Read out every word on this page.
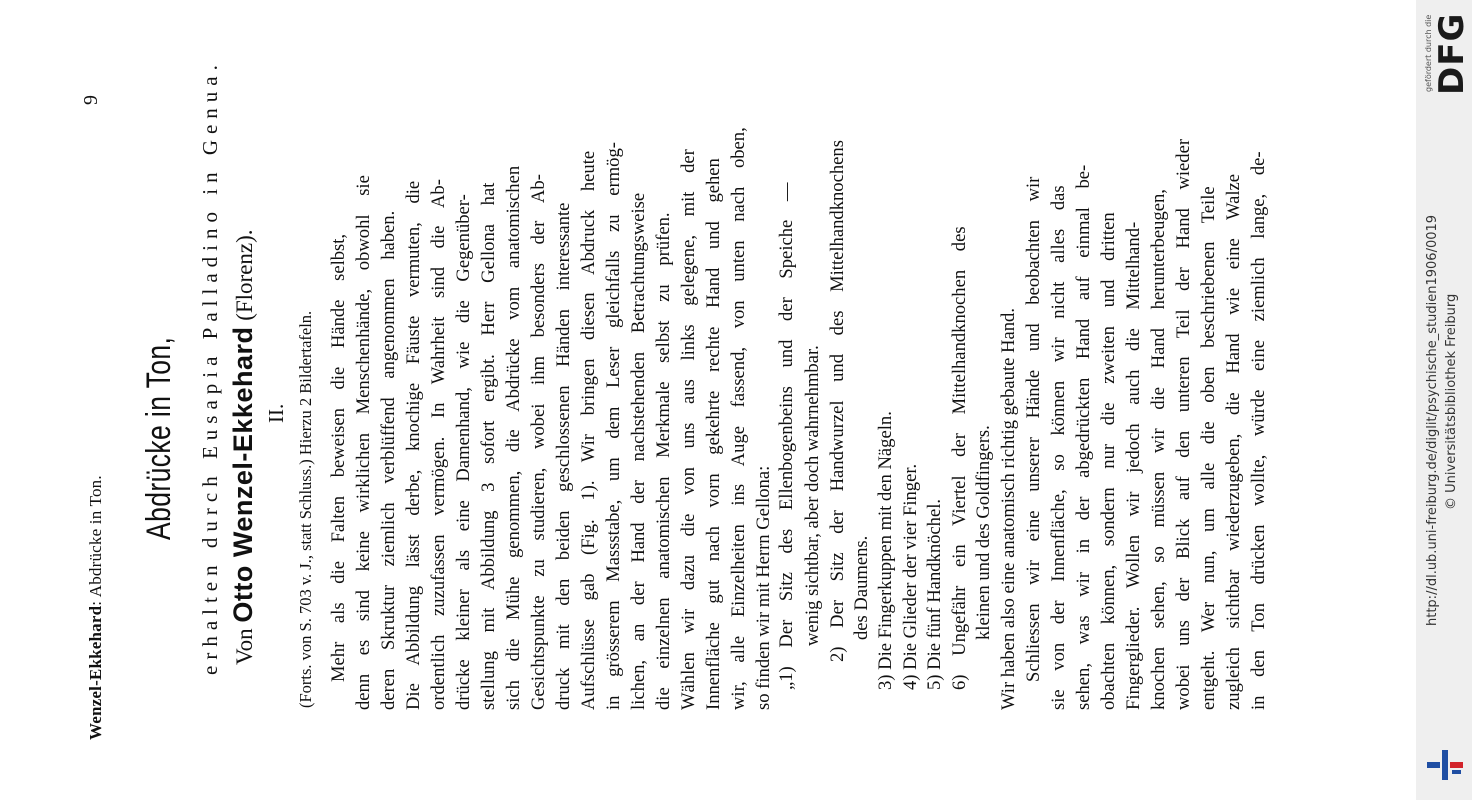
Wenzel-Ekkehard: Abdrücke in Ton.
9
Abdrücke in Ton, erhalten durch Eusapia Palladino in Genua. Von Otto Wenzel-Ekkehard (Florenz).
II. (Forts. von S. 703 v. J., statt Schluss.) Hierzu 2 Bildertafeln. Mehr als die Falten beweisen die Hände selbst, denn es sind keine wirklichen Menschenhände, obwohl sie deren Skruktur ziemlich verblüffend angenommen haben. Die Abbildung lässt derbe, knochige Fäuste vermuten, die ordentlich zuzufassen vermögen. In Wahrheit sind die Ab- drücke kleiner als eine Damenhand, wie die Gegenüber- stellung mit Abbildung 3 sofort ergibt. Herr Gellona hat sich die Mühe genommen, die Abdrücke vom anatomischen Gesichtspunkte zu studieren, wobei ihm besonders der Ab- druck mit den beiden geschlossenen Händen interessante Aufschlüsse gab (Fig. 1). Wir bringen diesen Abdruck heute in grösserem Massstabe, um dem Leser gleichfalls zu ermög- lichen, an der Hand der nachstehenden Betrachtungsweise die einzelnen anatomischen Merkmale selbst zu prüfen. Wählen wir dazu die von uns aus links gelegene, mit der Innenfläche gut nach vorn gekehrte rechte Hand und gehen wir, alle Einzelheiten ins Auge fassend, von unten nach oben, so finden wir mit Herrn Gellona: „1) Der Sitz des Ellenbogenbeins und der Speiche — wenig sichtbar, aber doch wahrnehmbar. 2) Der Sitz der Handwurzel und des Mittelhandknochens des Daumens. 3) Die Fingerkuppen mit den Nägeln. 4) Die Glieder der vier Finger. 5) Die fünf Handknöchel. 6) Ungefähr ein Viertel der Mittelhandknochen des kleinen und des Goldfingers. Wir haben also eine anatomisch richtig gebaute Hand. Schliessen wir eine unserer Hände und beobachten wir sie von der Innenfläche, so können wir nicht alles das sehen, was wir in der abgedrückten Hand auf einmal be- obachten können, sondern nur die zweiten und dritten Fingerglieder. Wollen wir jedoch auch die Mittelhand- knochen sehen, so müssen wir die Hand herunterbeugen, wobei uns der Blick auf den unteren Teil der Hand wieder entgeht. Wer nun, um alle die oben beschriebenen Teile zugleich sichtbar wiederzugeben, die Hand wie eine Walze in den Ton drücken wollte, würde eine ziemlich lange, de-	http://dl.ub.uni-freiburg.de/diglit/psychische_studien1906/0019 © Universitätsbibliothek Freiburg
gefördert durch die DFG
